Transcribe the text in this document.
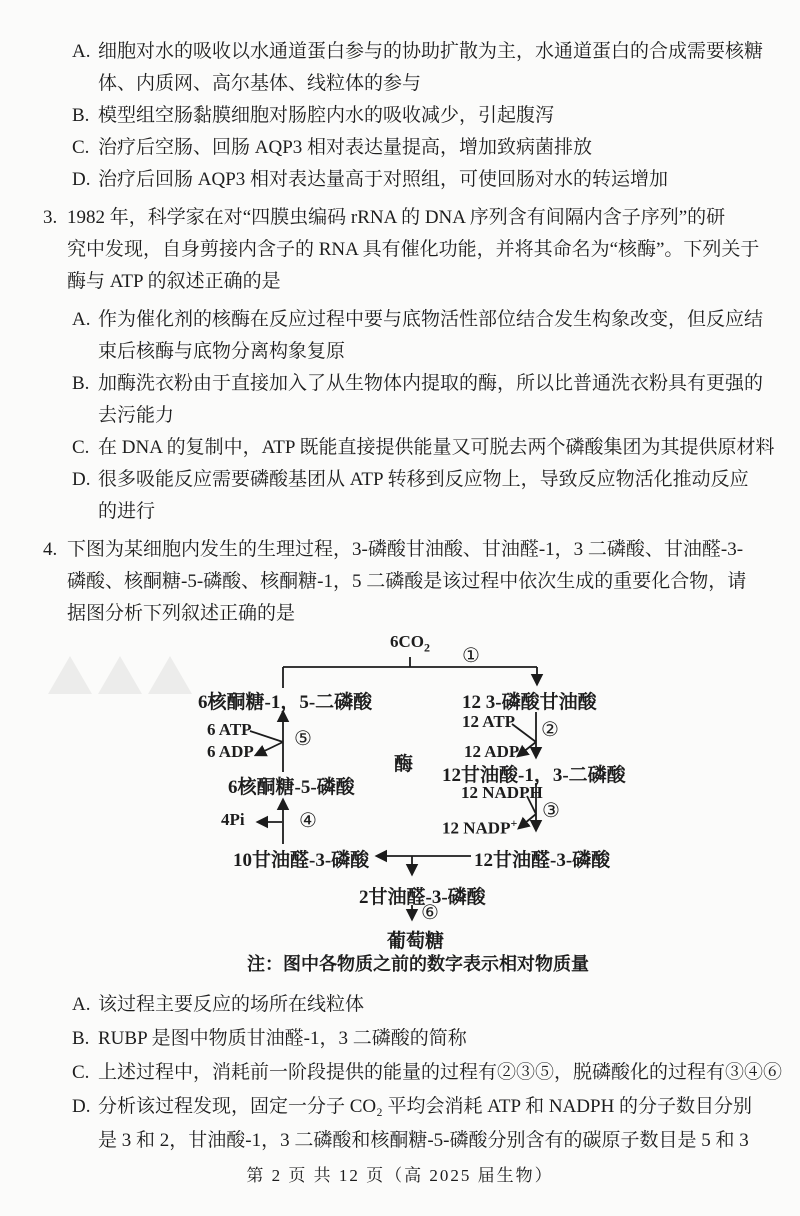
A. 细胞对水的吸收以水通道蛋白参与的协助扩散为主，水通道蛋白的合成需要核糖
体、内质网、高尔基体、线粒体的参与
B. 模型组空肠黏膜细胞对肠腔内水的吸收减少，引起腹泻
C. 治疗后空肠、回肠 AQP3 相对表达量提高，增加致病菌排放
D. 治疗后回肠 AQP3 相对表达量高于对照组，可使回肠对水的转运增加
3. 1982 年，科学家在对“四膜虫编码 rRNA 的 DNA 序列含有间隔内含子序列”的研
究中发现，自身剪接内含子的 RNA 具有催化功能，并将其命名为“核酶”。下列关于
酶与 ATP 的叙述正确的是
A. 作为催化剂的核酶在反应过程中要与底物活性部位结合发生构象改变，但反应结
束后核酶与底物分离构象复原
B. 加酶洗衣粉由于直接加入了从生物体内提取的酶，所以比普通洗衣粉具有更强的
去污能力
C. 在 DNA 的复制中，ATP 既能直接提供能量又可脱去两个磷酸集团为其提供原材料
D. 很多吸能反应需要磷酸基团从 ATP 转移到反应物上，导致反应物活化推动反应
的进行
4. 下图为某细胞内发生的生理过程，3-磷酸甘油酸、甘油醛-1，3 二磷酸、甘油醛-3-
磷酸、核酮糖-5-磷酸、核酮糖-1，5 二磷酸是该过程中依次生成的重要化合物，请
据图分析下列叙述正确的是
$6CO_2$ ①
6核酮糖-1，5-二磷酸	12 3-磷酸甘油酸
6 ATP
6 ADP
⑤
6核酮糖-5-磷酸
4Pi	④
10甘油醛-3-磷酸
酶
12 ATP
12 ADP
②
12甘油酸-1，3-二磷酸
12 NADPH
③
12 NADP+
12甘油醛-3-磷酸
2甘油醛-3-磷酸
⑥
葡萄糖
注：图中各物质之前的数字表示相对物质量
A. 该过程主要反应的场所在线粒体
B. RUBP 是图中物质甘油醛-1，3 二磷酸的简称
C. 上述过程中，消耗前一阶段提供的能量的过程有②③⑤，脱磷酸化的过程有③④⑥
D. 分析该过程发现，固定一分子 CO₂ 平均会消耗 ATP 和 NADPH 的分子数目分别
是 3 和 2，甘油酸-1，3 二磷酸和核酮糖-5-磷酸分别含有的碳原子数目是 5 和 3
第 2 页 共 12 页（高 2025 届生物）
